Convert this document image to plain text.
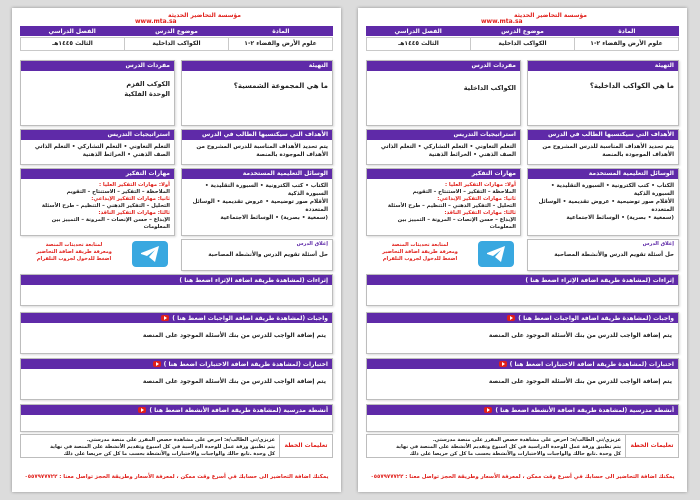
مؤسسة التحاضير الحديثة
www.mta.sa
المادة
موضوع الدرس
الفصل الدراسي
علوم الأرض والفضاء ٢-١
الكواكب الداخلية
الثالث ١٤٤٥هـ
التهيئة
ما هي المجموعة الشمسية؟
مفردات الدرس
الكوكب القزم
الوحدة الفلكية
الأهداف التي سيكتسبها الطالب في الدرس
يتم تحديد الأهداف المناسبة للدرس المشروح من الأهداف الموجودة بالمنصة
استراتيجيات التدريس
التعلم التعاوني • التعلم التشاركي • التعلم الذاتي
الصف الذهني • الخرائط الذهنية
الوسائل التعليمية المستخدمة
الكتاب • كتب الكترونية • السبورة التقليدية • السبورة الذكية
الأقلام صور توضيحية • عروض تقديمية • الوسائل المتعددة
(سمعية • بصرية) • الوسائط الاجتماعية
مهارات التفكير
أولا: مهارات التفكير العليا :
الملاحظة – التفكير – الاستنتاج – التقويم
ثانيا: مهارات التفكير الإبداعي:
التحليل – التفكير الذهني – التنظيم – طرح الأسئلة
ثالثا: مهارات التفكير الناقد:
الإبداع – حسن الإنصات – المرونة – التمييز بين المعلومات
إغلاق الدرس
حل أسئلة تقويم الدرس والأنشطة المصاحبة
لمتابعة تحديثات المنصة
ومعرفة طريقة اضافة التحاضير
اضغط للدخول لجروب التلقرام
إثراءات (لمشاهدة طريقة اضافة الإثراء اضغط هنا )
واجبات (لمشاهدة طريقة اضافة الواجبات اضغط هنا )
يتم إضافة الواجب للدرس من بنك الأسئلة الموجود على المنصة
اختبارات (لمشاهدة طريقة اضافة الاختبارات اضغط هنا )
يتم إضافة الواجب للدرس من بنك الأسئلة الموجود على المنصة
أنشطة مدرسية (لمشاهدة طريقة اضافة الأنشطة اضغط هنا )
تعليمات الخطة
عزيزي/تي الطالب/ة: احرص على مشاهدة حصص المقرر على منصة مدرستي.
يتم تطبيق ورقة عمل للوحدة الدراسية في كل اسبوع وتقديم الأنشطة على المنصة في نهاية
كل وحدة .تابع حالك والواجبات والاختبارات والأنشطة بحسب ما كل كن حريصا على ذلك
يمكنك اضافة التحاضير الى حسابك في أسرع وقت ممكن ، لمعرفة الأسعار وطريقة الحجز تواصل معنا : ٠٥٥٧٩٧٧٧٢٢
مؤسسة التحاضير الحديثة
www.mta.sa
المادة
موضوع الدرس
الفصل الدراسي
علوم الأرض والفضاء ٢-١
الكواكب الداخلية
الثالث ١٤٤٥هـ
التهيئة
ما هي الكواكب الداخلية؟
مفردات الدرس
الكواكب الداخلية
الأهداف التي سيكتسبها الطالب في الدرس
يتم تحديد الأهداف المناسبة للدرس المشروح من الأهداف الموجودة بالمنصة
استراتيجيات التدريس
التعلم التعاوني • التعلم التشاركي • التعلم الذاتي
الصف الذهني • الخرائط الذهنية
الوسائل التعليمية المستخدمة
الكتاب • كتب الكترونية • السبورة التقليدية • السبورة الذكية
الأقلام صور توضيحية • عروض تقديمية • الوسائل المتعددة
(سمعية • بصرية) • الوسائط الاجتماعية
مهارات التفكير
أولا: مهارات التفكير العليا :
الملاحظة – التفكير – الاستنتاج – التقويم
ثانيا: مهارات التفكير الإبداعي:
التحليل – التفكير الذهني – التنظيم – طرح الأسئلة
ثالثا: مهارات التفكير الناقد:
الإبداع – حسن الإنصات – المرونة – التمييز بين المعلومات
إغلاق الدرس
حل أسئلة تقويم الدرس والأنشطة المصاحبة
لمتابعة تحديثات المنصة
ومعرفة طريقة اضافة التحاضير
اضغط للدخول لجروب التلقرام
إثراءات (لمشاهدة طريقة اضافة الإثراء اضغط هنا )
واجبات (لمشاهدة طريقة اضافة الواجبات اضغط هنا )
يتم إضافة الواجب للدرس من بنك الأسئلة الموجود على المنصة
اختبارات (لمشاهدة طريقة اضافة الاختبارات اضغط هنا )
يتم إضافة الواجب للدرس من بنك الأسئلة الموجود على المنصة
أنشطة مدرسية (لمشاهدة طريقة اضافة الأنشطة اضغط هنا )
تعليمات الخطة
عزيزي/تي الطالب/ة: احرص على مشاهدة حصص المقرر على منصة مدرستي.
يتم تطبيق ورقة عمل للوحدة الدراسية في كل اسبوع وتقديم الأنشطة على المنصة في نهاية
كل وحدة .تابع حالك والواجبات والاختبارات والأنشطة بحسب ما كل كن حريصا على ذلك
يمكنك اضافة التحاضير الى حسابك في أسرع وقت ممكن ، لمعرفة الأسعار وطريقة الحجز تواصل معنا : ٠٥٥٧٩٧٧٧٢٢
